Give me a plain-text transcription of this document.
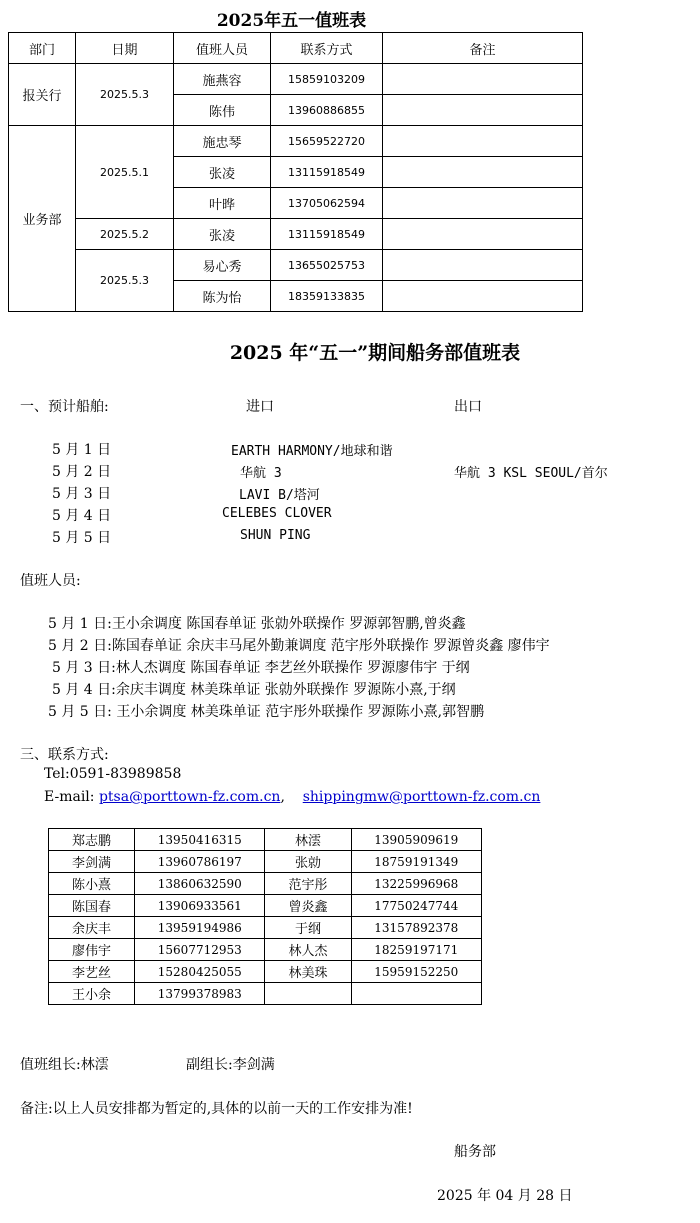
2025年五一值班表
部门	日期	值班人员	联系方式	备注
报关行	2025.5.3	施燕容	15859103209	
		陈伟	13960886855	
业务部	2025.5.1	施忠琴	15659522720	
		张凌	13115918549	
		叶晔	13705062594	
	2025.5.2	张凌	13115918549	
	2025.5.3	易心秀	13655025753	
		陈为怡	18359133835	
2025 年“五一”期间船务部值班表
一、预计船舶:	进口	出口
5 月 1 日	EARTH HARMONY/地球和谐
5 月 2 日	华航 3	华航 3 KSL SEOUL/首尔
5 月 3 日	LAVI B/塔河
5 月 4 日	CELEBES CLOVER
5 月 5 日	SHUN PING
值班人员:
5 月 1 日:王小余调度 陈国春单证 张勍外联操作 罗源郭智鹏,曾炎鑫
5 月 2 日:陈国春单证 余庆丰马尾外勤兼调度 范宇彤外联操作 罗源曾炎鑫 廖伟宇
5 月 3 日:林人杰调度 陈国春单证 李艺丝外联操作 罗源廖伟宇 于纲
5 月 4 日:余庆丰调度 林美珠单证 张勍外联操作 罗源陈小熹,于纲
5 月 5 日: 王小余调度 林美珠单证 范宇彤外联操作 罗源陈小熹,郭智鹏
三、联系方式:
Tel:0591-83989858
E-mail: ptsa@porttown-fz.com.cn, shippingmw@porttown-fz.com.cn
郑志鹏	13950416315	林澐	13905909619
李剑满	13960786197	张勍	18759191349
陈小熹	13860632590	范宇彤	13225996968
陈国春	13906933561	曾炎鑫	17750247744
余庆丰	13959194986	于纲	13157892378
廖伟宇	15607712953	林人杰	18259197171
李艺丝	15280425055	林美珠	15959152250
王小余	13799378983		
值班组长:林澐	副组长:李剑满
备注:以上人员安排都为暂定的,具体的以前一天的工作安排为准!
船务部
2025 年 04 月 28 日
